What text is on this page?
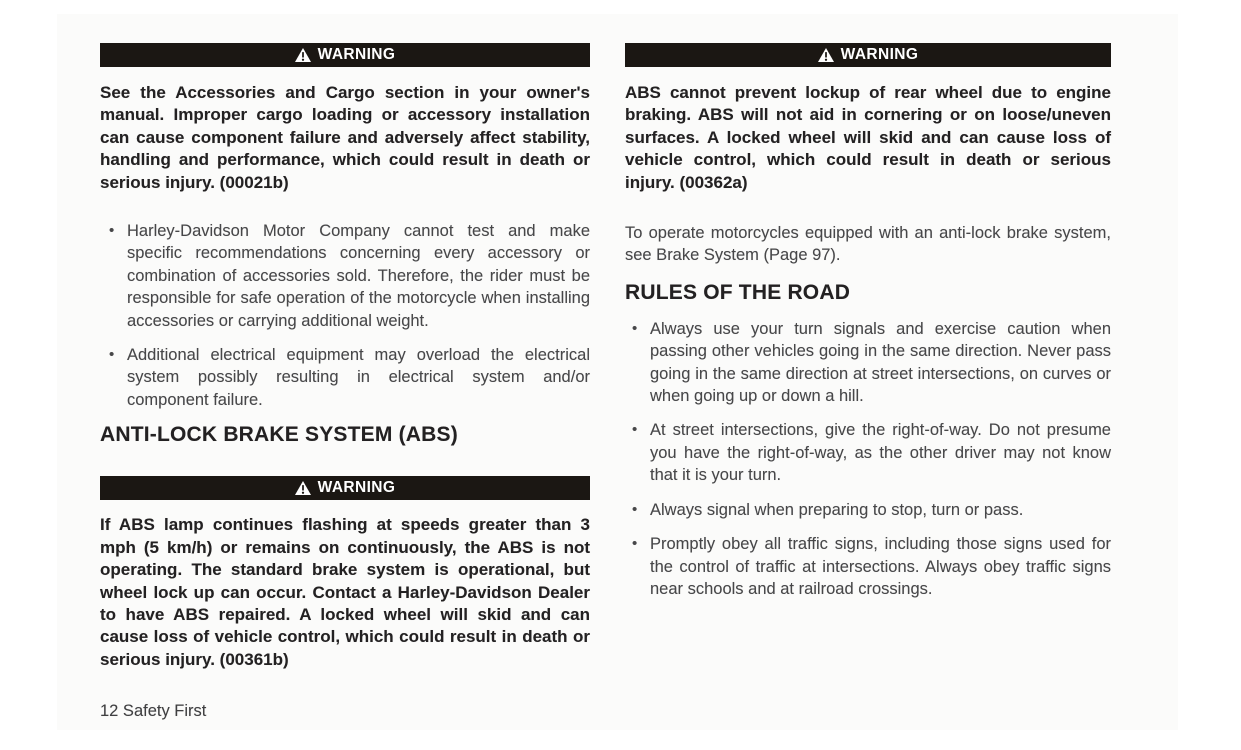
WARNING

See the Accessories and Cargo section in your owner's manual. Improper cargo loading or accessory installation can cause component failure and adversely affect stability, handling and performance, which could result in death or serious injury. (00021b)

• Harley-Davidson Motor Company cannot test and make specific recommendations concerning every accessory or combination of accessories sold. Therefore, the rider must be responsible for safe operation of the motorcycle when installing accessories or carrying additional weight.
• Additional electrical equipment may overload the electrical system possibly resulting in electrical system and/or component failure.
ANTI-LOCK BRAKE SYSTEM (ABS)
WARNING

If ABS lamp continues flashing at speeds greater than 3 mph (5 km/h) or remains on continuously, the ABS is not operating. The standard brake system is operational, but wheel lock up can occur. Contact a Harley-Davidson Dealer to have ABS repaired. A locked wheel will skid and can cause loss of vehicle control, which could result in death or serious injury. (00361b)

WARNING

ABS cannot prevent lockup of rear wheel due to engine braking. ABS will not aid in cornering or on loose/uneven surfaces. A locked wheel will skid and can cause loss of vehicle control, which could result in death or serious injury. (00362a)

To operate motorcycles equipped with an anti-lock brake system, see Brake System (Page 97).

RULES OF THE ROAD
• Always use your turn signals and exercise caution when passing other vehicles going in the same direction. Never pass going in the same direction at street intersections, on curves or when going up or down a hill.
• At street intersections, give the right-of-way. Do not presume you have the right-of-way, as the other driver may not know that it is your turn.
• Always signal when preparing to stop, turn or pass.
• Promptly obey all traffic signs, including those signs used for the control of traffic at intersections. Always obey traffic signs near schools and at railroad crossings.
12 Safety First
